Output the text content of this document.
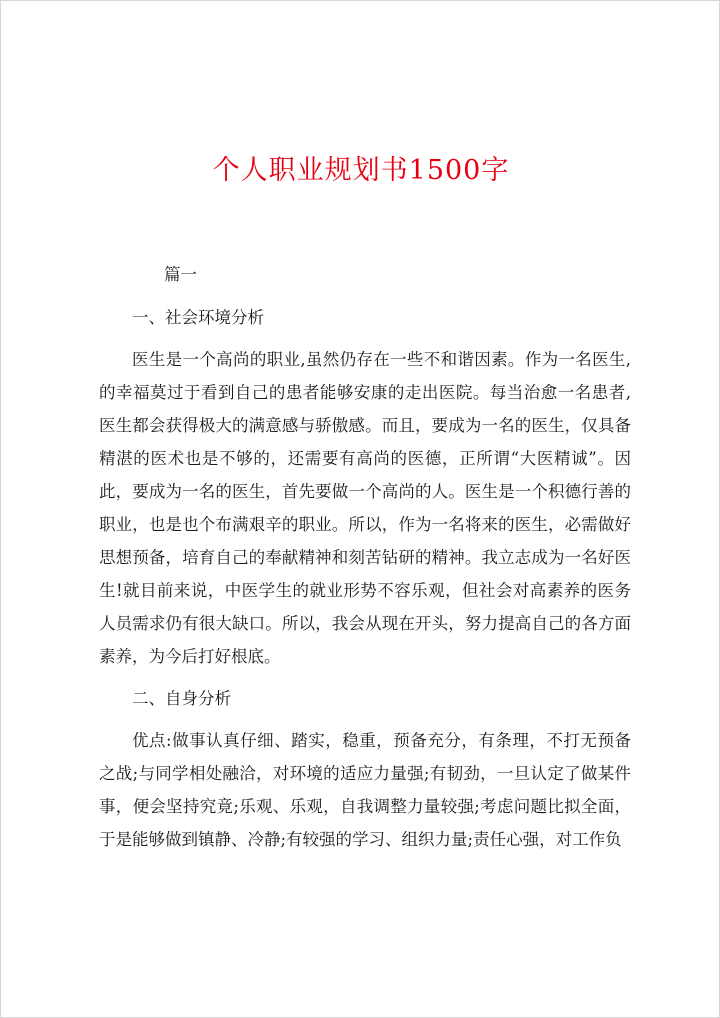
个人职业规划书1500字

篇一

一、社会环境分析

医生是一个高尚的职业,虽然仍存在一些不和谐因素。作为一名医生,的幸福莫过于看到自己的患者能够安康的走出医院。每当治愈一名患者,医生都会获得极大的满意感与骄傲感。而且，要成为一名的医生，仅具备精湛的医术也是不够的，还需要有高尚的医德，正所谓“大医精诚”。因此，要成为一名的医生，首先要做一个高尚的人。医生是一个积德行善的职业，也是也个布满艰辛的职业。所以，作为一名将来的医生，必需做好思想预备，培育自己的奉献精神和刻苦钻研的精神。我立志成为一名好医生!就目前来说，中医学生的就业形势不容乐观，但社会对高素养的医务人员需求仍有很大缺口。所以，我会从现在开头，努力提高自己的各方面素养，为今后打好根底。

二、自身分析

优点:做事认真仔细、踏实，稳重，预备充分，有条理，不打无预备之战;与同学相处融洽，对环境的适应力量强;有韧劲，一旦认定了做某件事，便会坚持究竟;乐观、乐观，自我调整力量较强;考虑问题比拟全面，于是能够做到镇静、冷静;有较强的学习、组织力量;责任心强，对工作负
